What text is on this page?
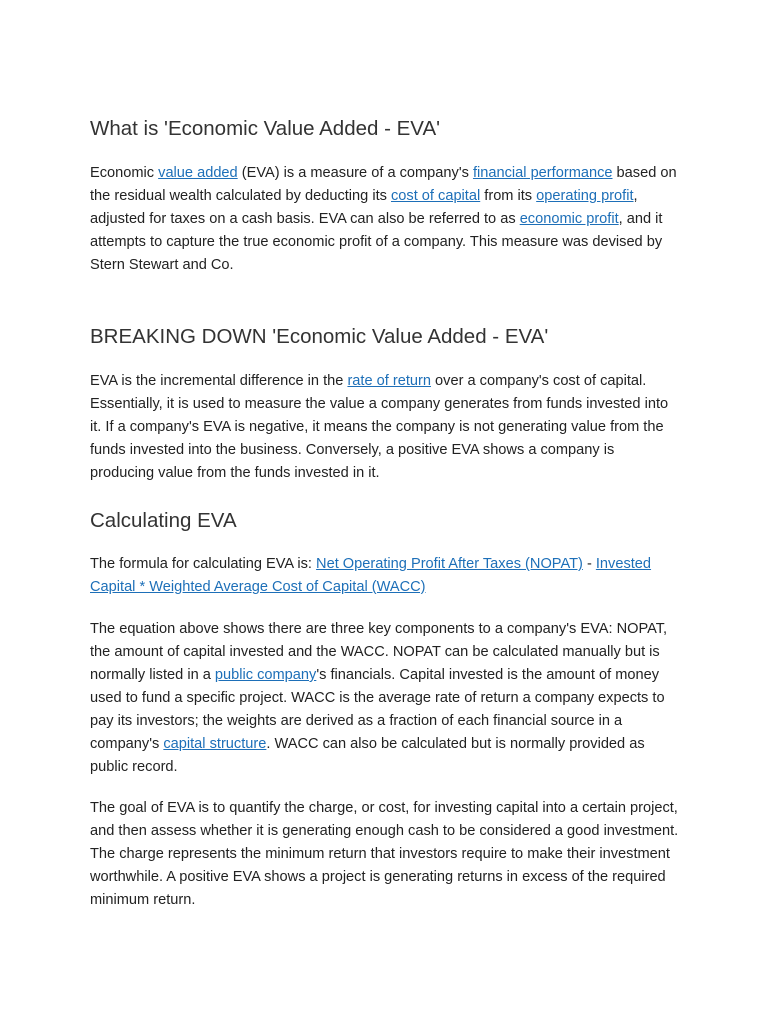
What is 'Economic Value Added - EVA'

Economic value added (EVA) is a measure of a company's financial performance based on the residual wealth calculated by deducting its cost of capital from its operating profit, adjusted for taxes on a cash basis. EVA can also be referred to as economic profit, and it attempts to capture the true economic profit of a company. This measure was devised by Stern Stewart and Co.

BREAKING DOWN 'Economic Value Added - EVA'

EVA is the incremental difference in the rate of return over a company's cost of capital. Essentially, it is used to measure the value a company generates from funds invested into it. If a company's EVA is negative, it means the company is not generating value from the funds invested into the business. Conversely, a positive EVA shows a company is producing value from the funds invested in it.

Calculating EVA

The formula for calculating EVA is: Net Operating Profit After Taxes (NOPAT) - Invested Capital * Weighted Average Cost of Capital (WACC)

The equation above shows there are three key components to a company's EVA: NOPAT, the amount of capital invested and the WACC. NOPAT can be calculated manually but is normally listed in a public company's financials. Capital invested is the amount of money used to fund a specific project. WACC is the average rate of return a company expects to pay its investors; the weights are derived as a fraction of each financial source in a company's capital structure. WACC can also be calculated but is normally provided as public record.

The goal of EVA is to quantify the charge, or cost, for investing capital into a certain project, and then assess whether it is generating enough cash to be considered a good investment. The charge represents the minimum return that investors require to make their investment worthwhile. A positive EVA shows a project is generating returns in excess of the required minimum return.
